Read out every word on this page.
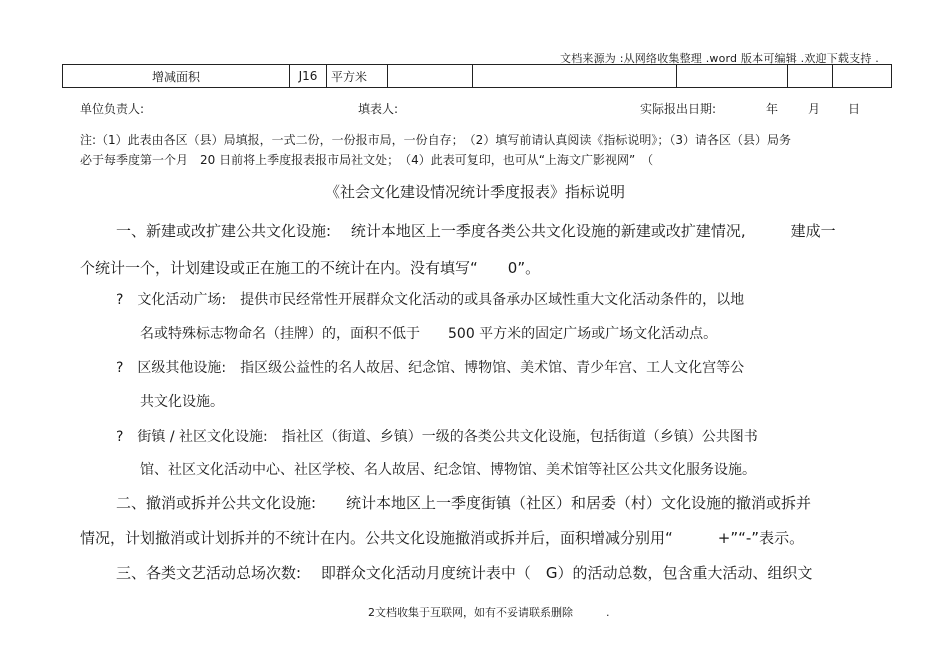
文档来源为 :从网络收集整理 .word 版本可编辑 .欢迎下载支持 .
增减面积	J16	平方米					
单位负责人:	填表人:	实际报出日期:	年 月 日
注:（1）此表由各区（县）局填报，一式二份，一份报市局，一份自存；　（2）填写前请认真阅读《指标说明》；（3）请各区（县）局务
必于每季度第一个月　20 日前将上季度报表报市局社文处；　（4）此表可复印，也可从“上海文广影视网”　（
《社会文化建设情况统计季度报表》指标说明
一、新建或改扩建公共文化设施:　 统计本地区上一季度各类公共文化设施的新建或改扩建情况,　　　建成一
个统计一个，计划建设或正在施工的不统计在内。没有填写“　　0”。
?　文化活动广场:　提供市民经常性开展群众文化活动的或具备承办区域性重大文化活动条件的，以地
名或特殊标志物命名（挂牌）的，面积不低于　　500 平方米的固定广场或广场文化活动点。
?　区级其他设施:　指区级公益性的名人故居、纪念馆、博物馆、美术馆、青少年宫、工人文化宫等公
共文化设施。
?　街镇 / 社区文化设施:　指社区（街道、乡镇）一级的各类公共文化设施，包括街道（乡镇）公共图书
馆、社区文化活动中心、社区学校、名人故居、纪念馆、博物馆、美术馆等社区公共文化服务设施。
二、撤消或拆并公共文化设施:　　统计本地区上一季度街镇（社区）和居委（村）文化设施的撤消或拆并
情况，计划撤消或计划拆并的不统计在内。公共文化设施撤消或拆并后，面积增减分别用“　　　+”“-”表示。
三、各类文艺活动总场次数:　 即群众文化活动月度统计表中（　G）的活动总数，包含重大活动、组织文
2文档收集于互联网，如有不妥请联系删除　　　.
